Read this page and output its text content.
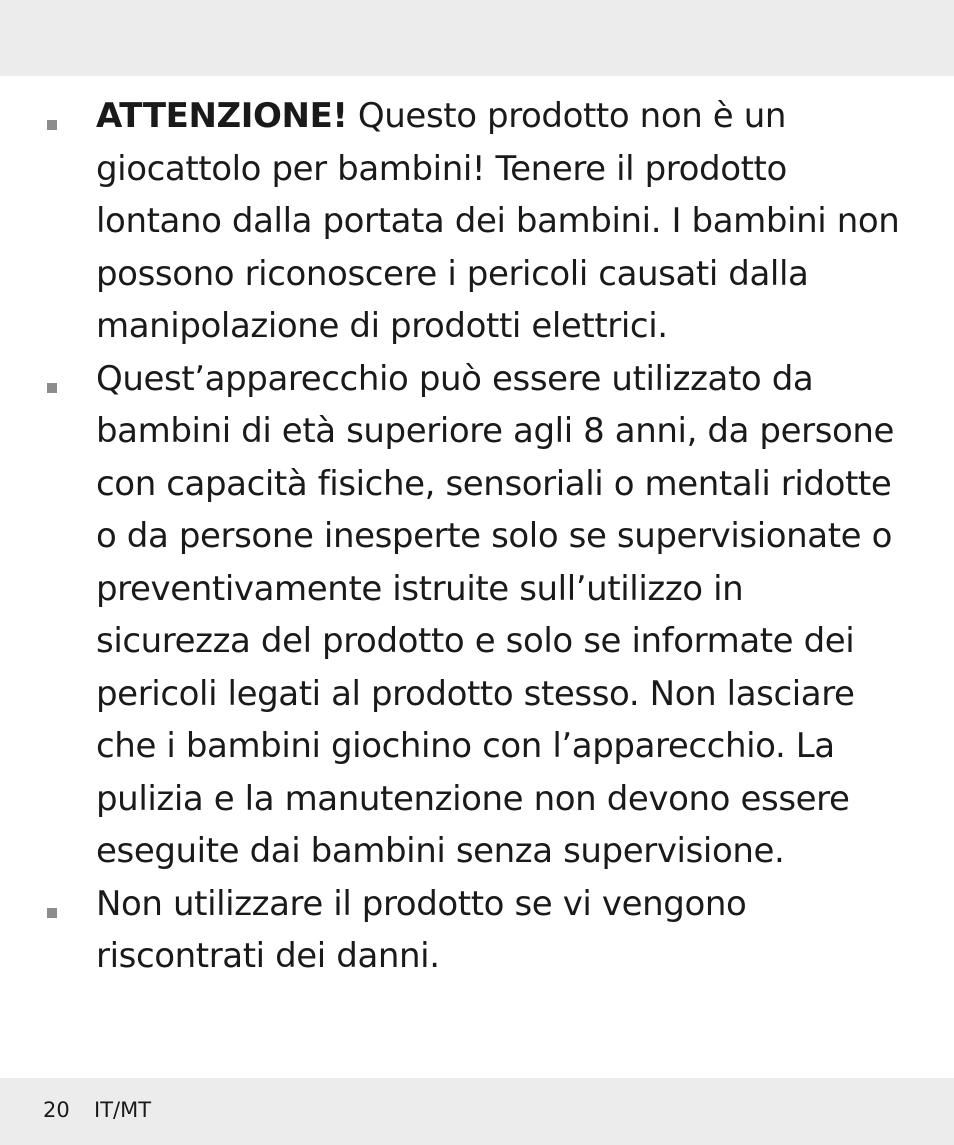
ATTENZIONE! Questo prodotto non è un giocattolo per bambini! Tenere il prodotto lontano dalla portata dei bambini. I bambini non possono riconoscere i pericoli causati dalla manipolazione di prodotti elettrici.
Quest’apparecchio può essere utilizzato da bambini di età superiore agli 8 anni, da persone con capacità fisiche, sensoriali o mentali ridotte o da persone inesperte solo se supervisionate o preventivamente istruite sull’utilizzo in sicurezza del prodotto e solo se informate dei pericoli legati al prodotto stesso. Non lasciare che i bambini giochino con l’apparecchio. La pulizia e la manutenzione non devono essere eseguite dai bambini senza supervisione.
Non utilizzare il prodotto se vi vengono riscontrati dei danni.
20 IT/MT
